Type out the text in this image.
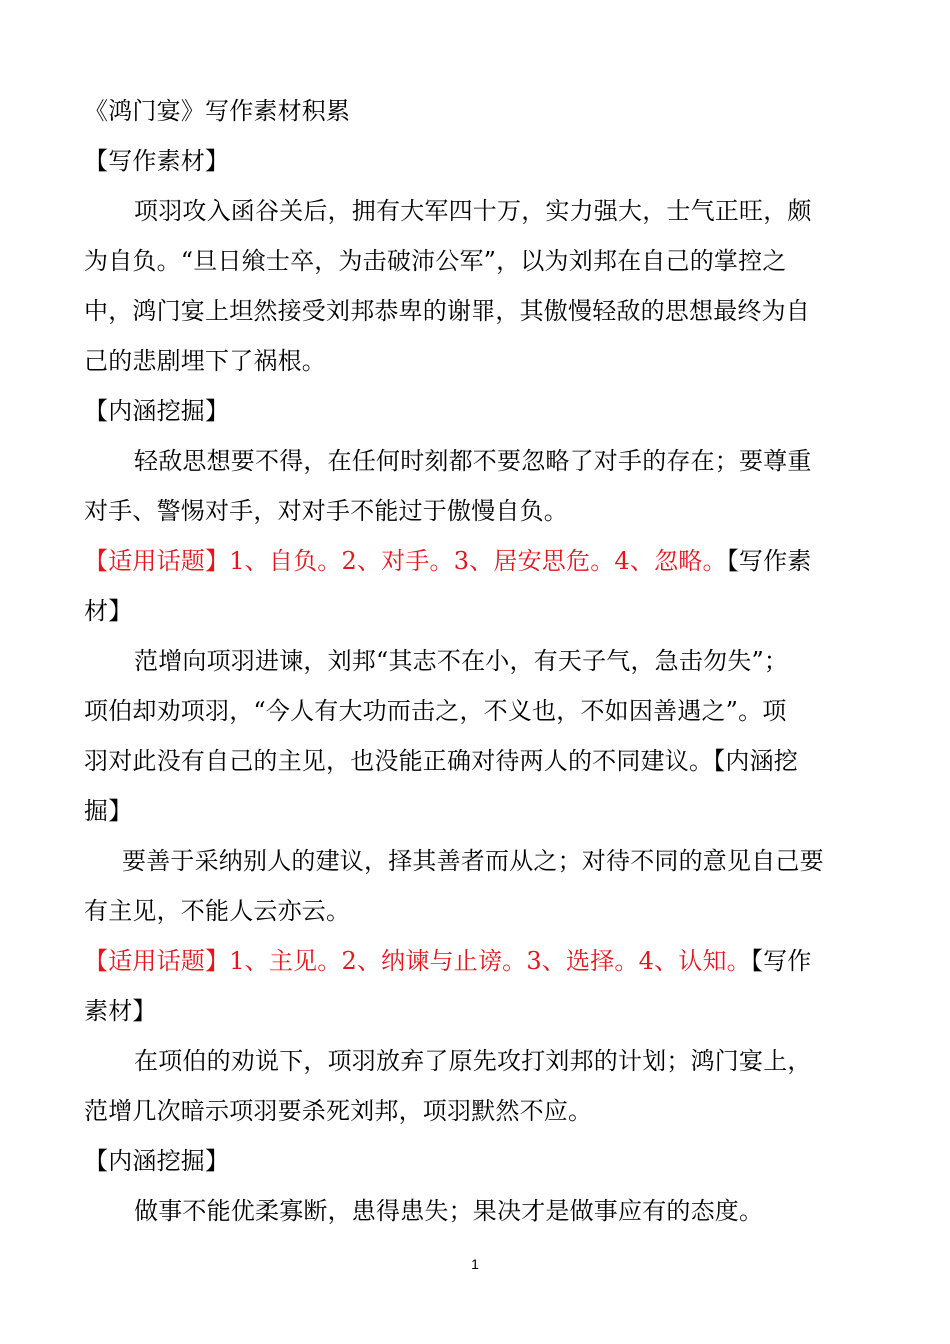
《鸿门宴》写作素材积累
【写作素材】
项羽攻入函谷关后，拥有大军四十万，实力强大，士气正旺，颇
为自负。“旦日飨士卒，为击破沛公军”，以为刘邦在自己的掌控之
中，鸿门宴上坦然接受刘邦恭卑的谢罪，其傲慢轻敌的思想最终为自
己的悲剧埋下了祸根。
【内涵挖掘】
轻敌思想要不得，在任何时刻都不要忽略了对手的存在；要尊重
对手、警惕对手，对对手不能过于傲慢自负。
【适用话题】1、自负。2、对手。3、居安思危。4、忽略。【写作素
材】
范增向项羽进谏，刘邦“其志不在小，有天子气，急击勿失”；
项伯却劝项羽，“今人有大功而击之，不义也，不如因善遇之”。项
羽对此没有自己的主见，也没能正确对待两人的不同建议。【内涵挖
掘】
要善于采纳别人的建议，择其善者而从之；对待不同的意见自己要
有主见，不能人云亦云。
【适用话题】1、主见。2、纳谏与止谤。3、选择。4、认知。【写作
素材】
在项伯的劝说下，项羽放弃了原先攻打刘邦的计划；鸿门宴上，
范增几次暗示项羽要杀死刘邦，项羽默然不应。
【内涵挖掘】
做事不能优柔寡断，患得患失；果决才是做事应有的态度。
1
